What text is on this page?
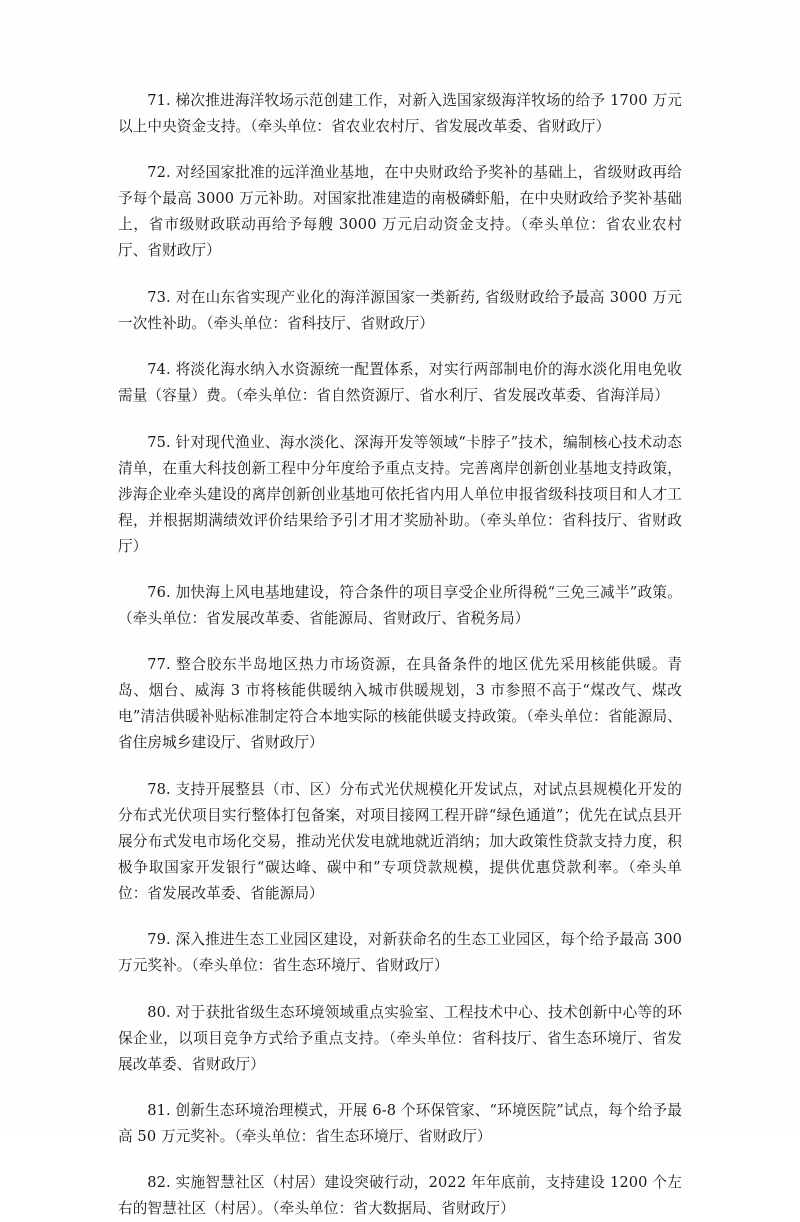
71. 梯次推进海洋牧场示范创建工作，对新入选国家级海洋牧场的给予 1700 万元以上中央资金支持。（牵头单位：省农业农村厅、省发展改革委、省财政厅）

72. 对经国家批准的远洋渔业基地，在中央财政给予奖补的基础上，省级财政再给予每个最高 3000 万元补助。对国家批准建造的南极磷虾船，在中央财政给予奖补基础上，省市级财政联动再给予每艘 3000 万元启动资金支持。（牵头单位：省农业农村厅、省财政厅）

73. 对在山东省实现产业化的海洋源国家一类新药, 省级财政给予最高 3000 万元一次性补助。（牵头单位：省科技厅、省财政厅）

74. 将淡化海水纳入水资源统一配置体系，对实行两部制电价的海水淡化用电免收需量（容量）费。（牵头单位：省自然资源厅、省水利厅、省发展改革委、省海洋局）

75. 针对现代渔业、海水淡化、深海开发等领域“卡脖子”技术，编制核心技术动态清单，在重大科技创新工程中分年度给予重点支持。完善离岸创新创业基地支持政策，涉海企业牵头建设的离岸创新创业基地可依托省内用人单位申报省级科技项目和人才工程，并根据期满绩效评价结果给予引才用才奖励补助。（牵头单位：省科技厅、省财政厅）

76. 加快海上风电基地建设，符合条件的项目享受企业所得税“三免三减半”政策。（牵头单位：省发展改革委、省能源局、省财政厅、省税务局）

77. 整合胶东半岛地区热力市场资源，在具备条件的地区优先采用核能供暖。青岛、烟台、威海 3 市将核能供暖纳入城市供暖规划，3 市参照不高于“煤改气、煤改电”清洁供暖补贴标准制定符合本地实际的核能供暖支持政策。（牵头单位：省能源局、省住房城乡建设厅、省财政厅）

78. 支持开展整县（市、区）分布式光伏规模化开发试点，对试点县规模化开发的分布式光伏项目实行整体打包备案，对项目接网工程开辟“绿色通道”；优先在试点县开展分布式发电市场化交易，推动光伏发电就地就近消纳；加大政策性贷款支持力度，积极争取国家开发银行“碳达峰、碳中和”专项贷款规模，提供优惠贷款利率。（牵头单位：省发展改革委、省能源局）

79. 深入推进生态工业园区建设，对新获命名的生态工业园区，每个给予最高 300 万元奖补。（牵头单位：省生态环境厅、省财政厅）

80. 对于获批省级生态环境领域重点实验室、工程技术中心、技术创新中心等的环保企业，以项目竞争方式给予重点支持。（牵头单位：省科技厅、省生态环境厅、省发展改革委、省财政厅）

81. 创新生态环境治理模式，开展 6-8 个环保管家、“环境医院”试点，每个给予最高 50 万元奖补。（牵头单位：省生态环境厅、省财政厅）

82. 实施智慧社区（村居）建设突破行动，2022 年年底前，支持建设 1200 个左右的智慧社区（村居）。（牵头单位：省大数据局、省财政厅）
